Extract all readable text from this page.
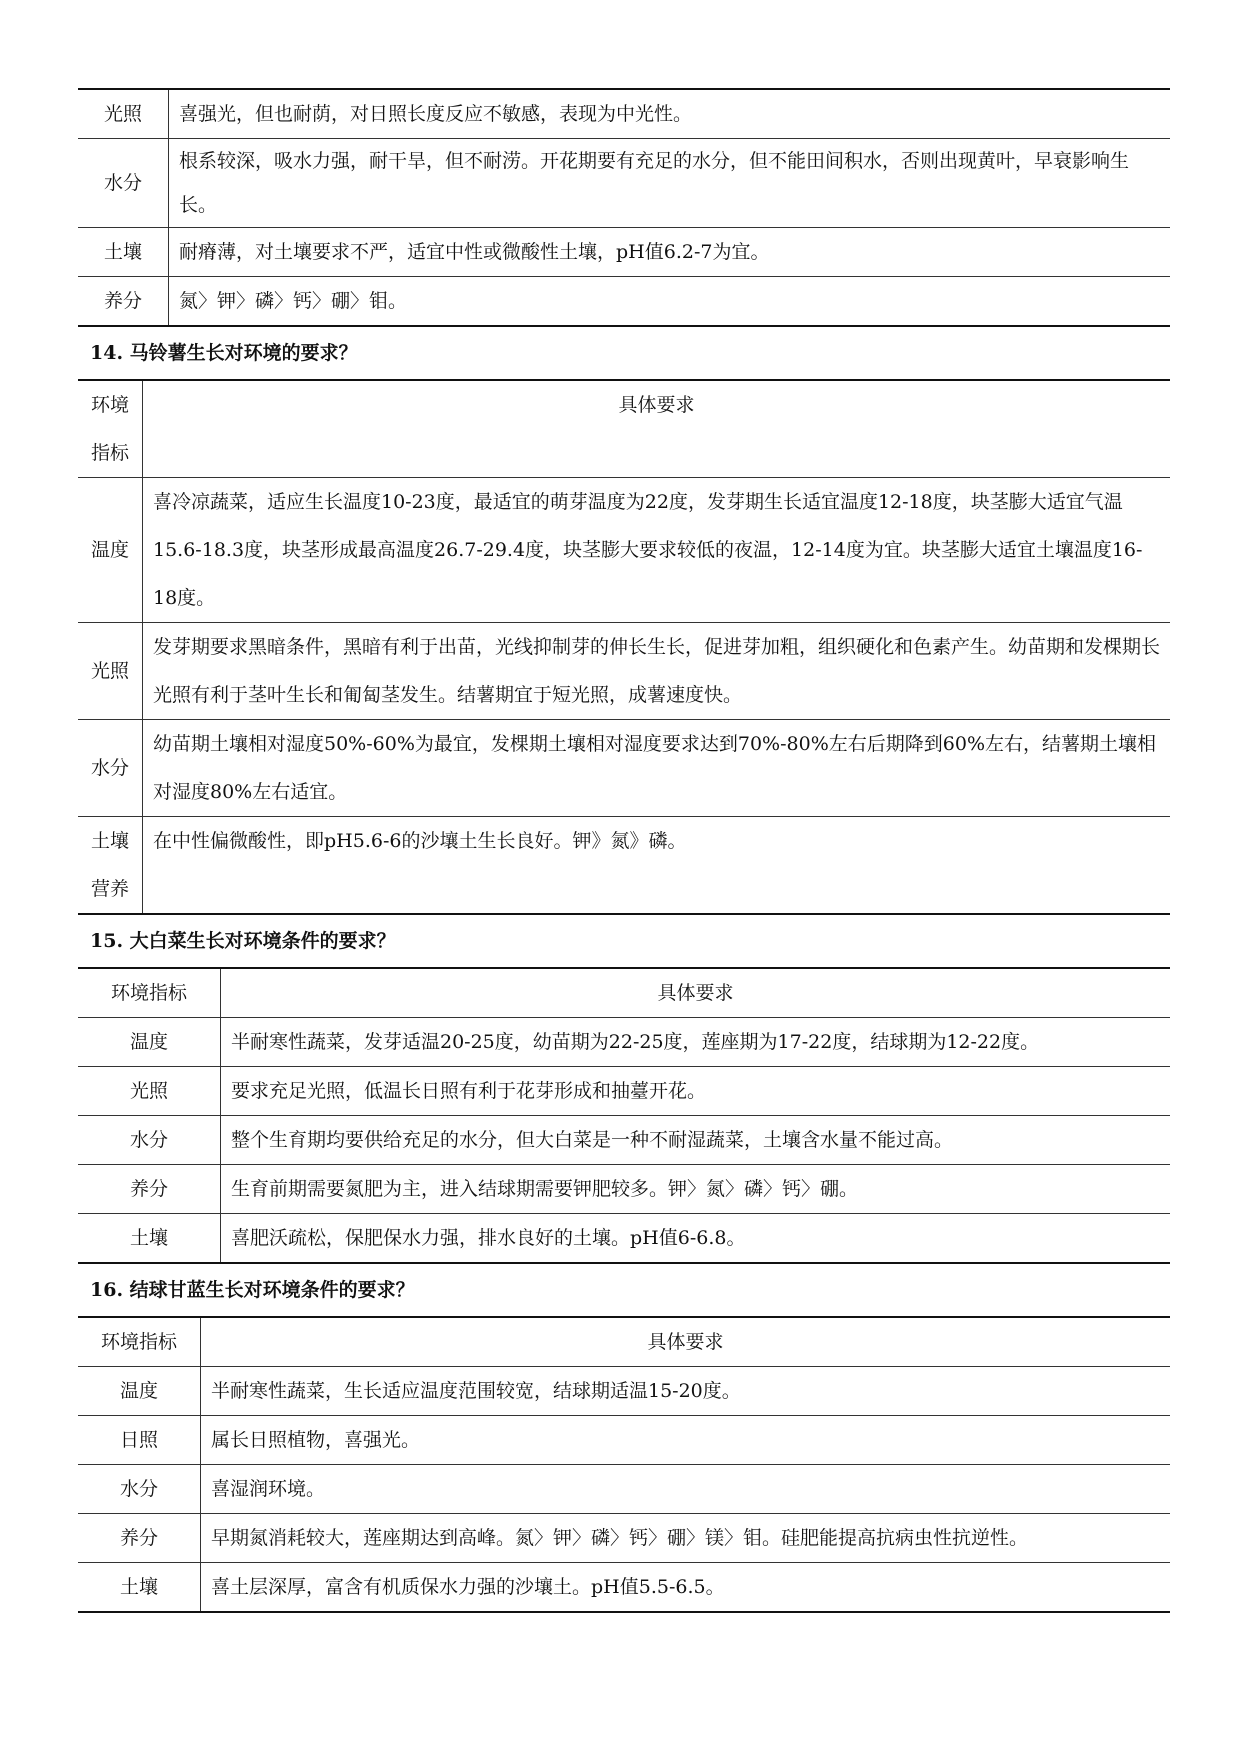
光照	喜强光，但也耐荫，对日照长度反应不敏感，表现为中光性。
水分	根系较深，吸水力强，耐干旱，但不耐涝。开花期要有充足的水分，但不能田间积水，否则出现黄叶，早衰影响生长。
土壤	耐瘠薄，对土壤要求不严，适宜中性或微酸性土壤，pH值6.2-7为宜。
养分	氮〉钾〉磷〉钙〉硼〉钼。
14. 马铃薯生长对环境的要求？
环境指标	具体要求
温度	喜冷凉蔬菜，适应生长温度10-23度，最适宜的萌芽温度为22度，发芽期生长适宜温度12-18度，块茎膨大适宜气温15.6-18.3度，块茎形成最高温度26.7-29.4度，块茎膨大要求较低的夜温，12-14度为宜。块茎膨大适宜土壤温度16-18度。
光照	发芽期要求黑暗条件，黑暗有利于出苗，光线抑制芽的伸长生长，促进芽加粗，组织硬化和色素产生。幼苗期和发棵期长光照有利于茎叶生长和匍匐茎发生。结薯期宜于短光照，成薯速度快。
水分	幼苗期土壤相对湿度50%-60%为最宜，发棵期土壤相对湿度要求达到70%-80%左右后期降到60%左右，结薯期土壤相对湿度80%左右适宜。
土壤营养	在中性偏微酸性，即pH5.6-6的沙壤土生长良好。钾》氮》磷。
15. 大白菜生长对环境条件的要求？
环境指标	具体要求
温度	半耐寒性蔬菜，发芽适温20-25度，幼苗期为22-25度，莲座期为17-22度，结球期为12-22度。
光照	要求充足光照，低温长日照有利于花芽形成和抽薹开花。
水分	整个生育期均要供给充足的水分，但大白菜是一种不耐湿蔬菜，土壤含水量不能过高。
养分	生育前期需要氮肥为主，进入结球期需要钾肥较多。钾〉氮〉磷〉钙〉硼。
土壤	喜肥沃疏松，保肥保水力强，排水良好的土壤。pH值6-6.8。
16. 结球甘蓝生长对环境条件的要求？
环境指标	具体要求
温度	半耐寒性蔬菜，生长适应温度范围较宽，结球期适温15-20度。
日照	属长日照植物，喜强光。
水分	喜湿润环境。
养分	早期氮消耗较大，莲座期达到高峰。氮〉钾〉磷〉钙〉硼〉镁〉钼。硅肥能提高抗病虫性抗逆性。
土壤	喜土层深厚，富含有机质保水力强的沙壤土。pH值5.5-6.5。
